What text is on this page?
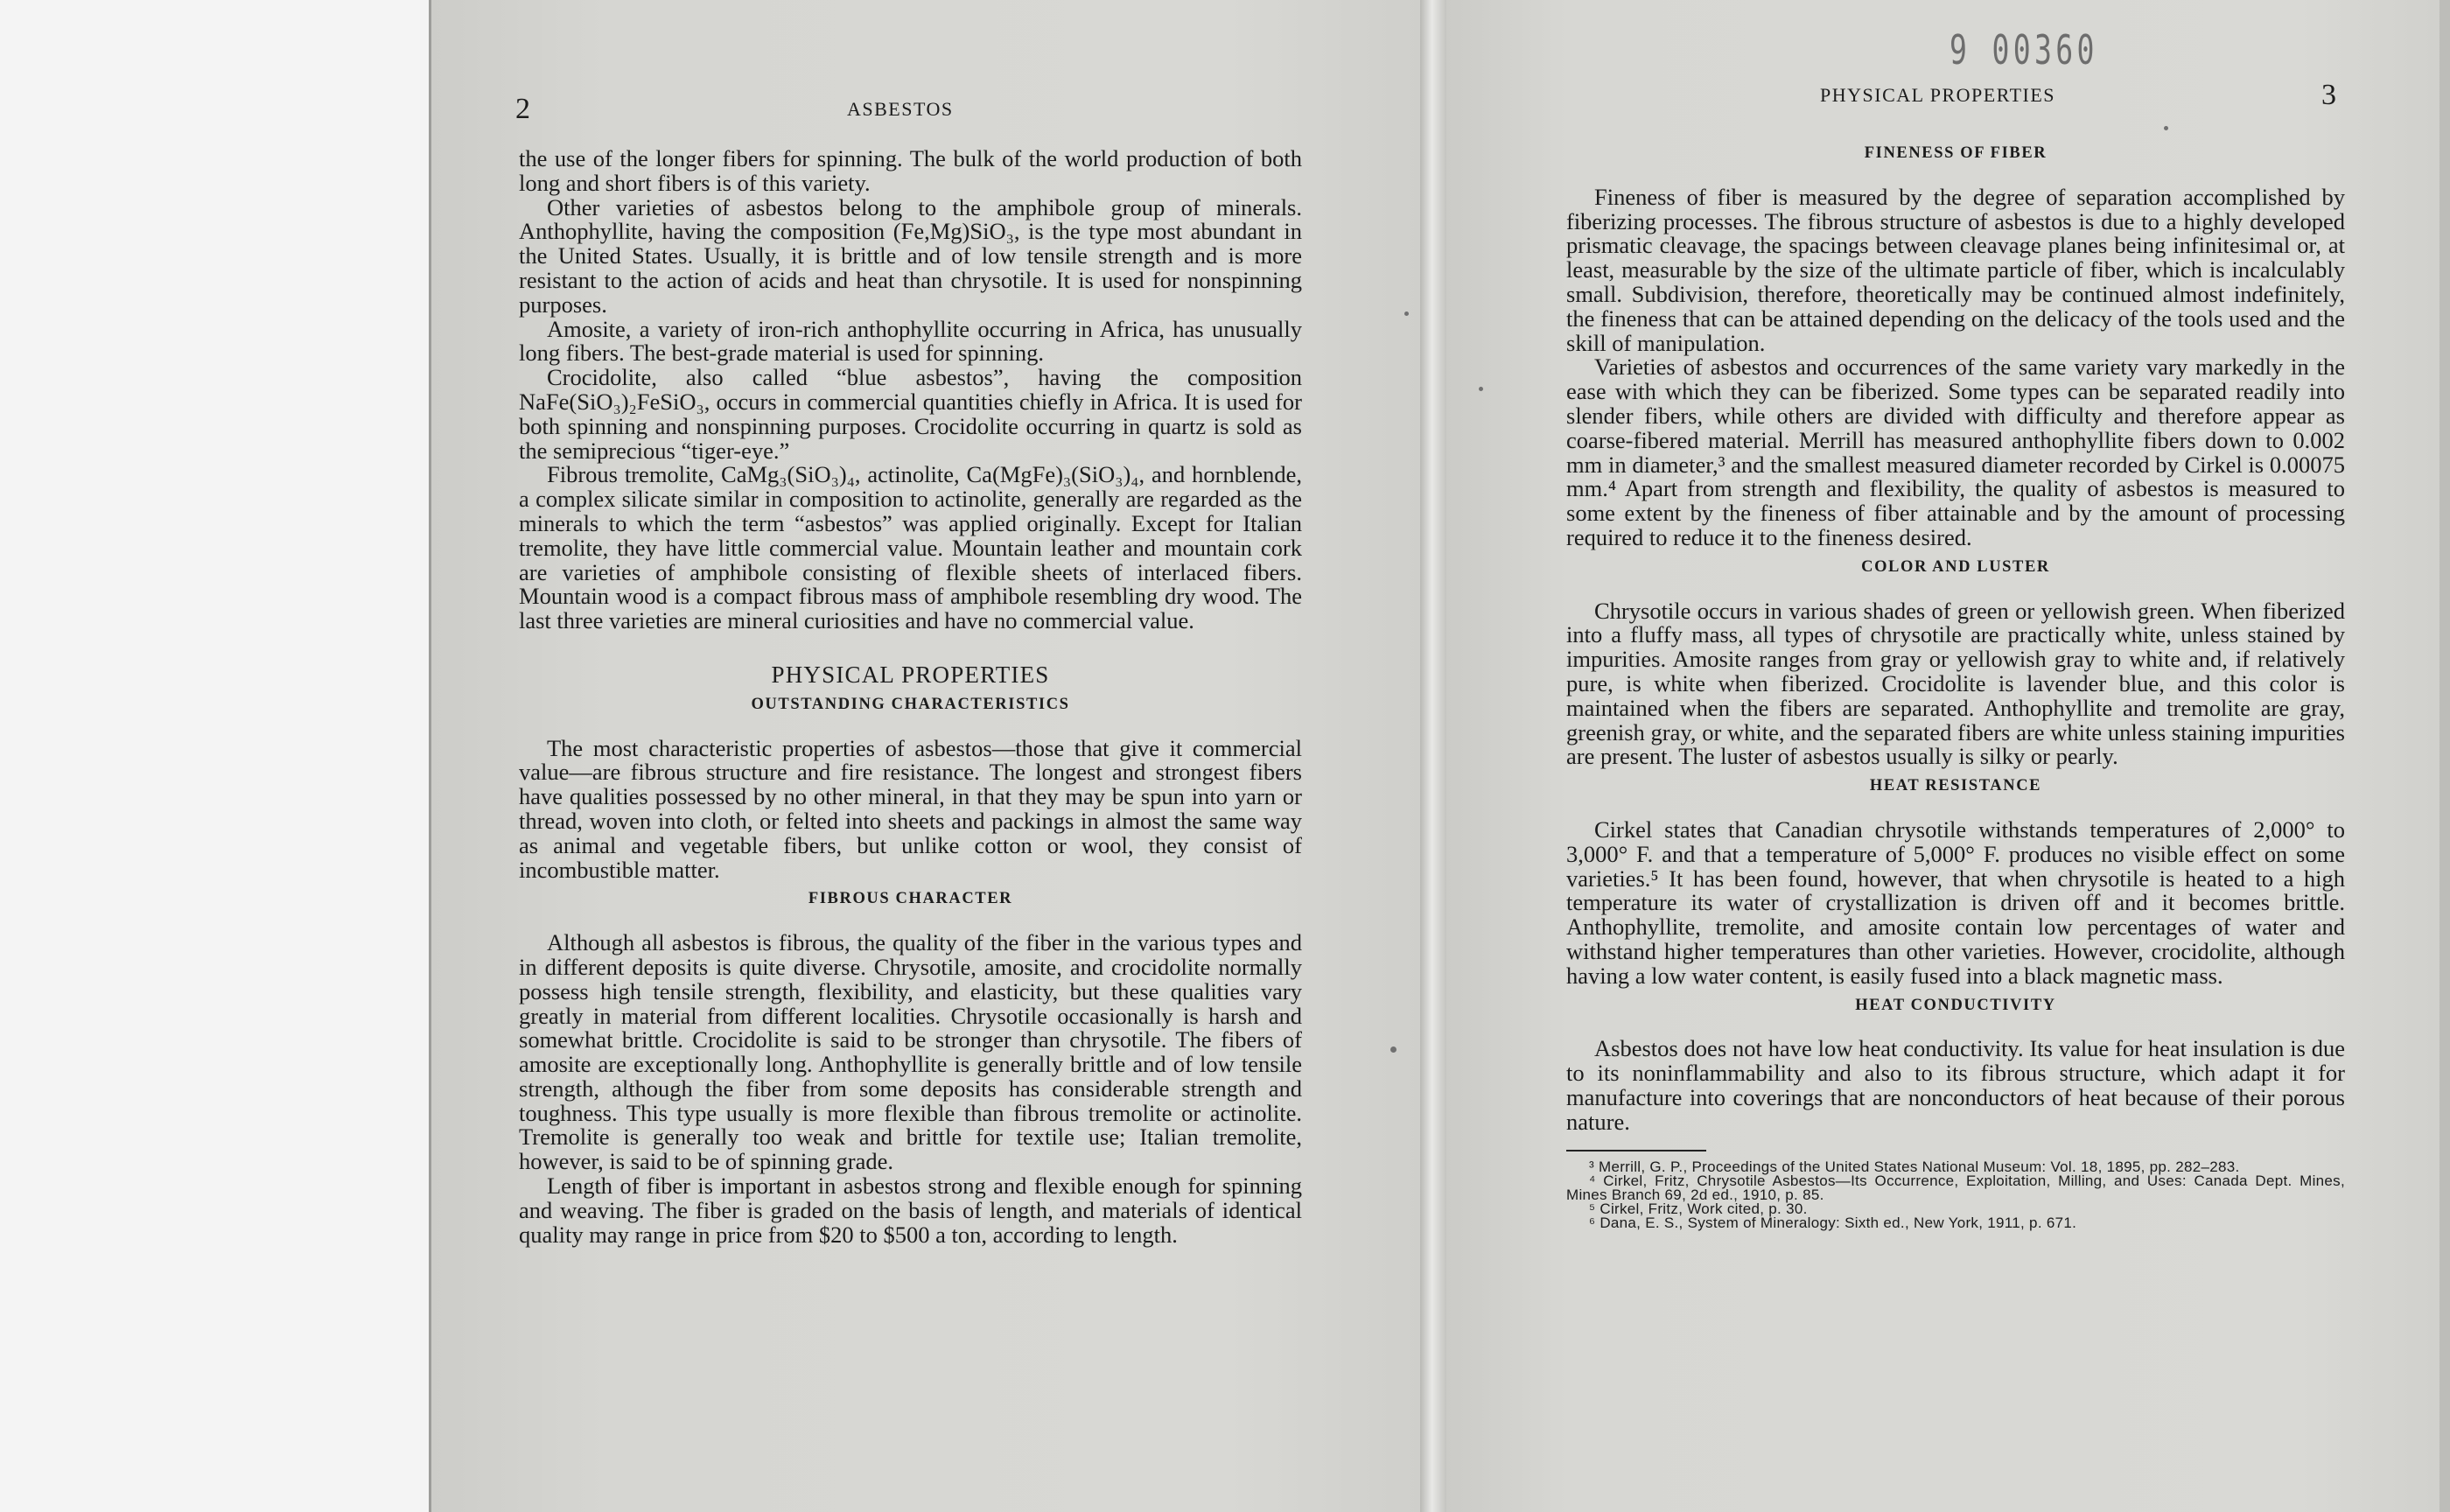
2	ASBESTOS

the use of the longer fibers for spinning. The bulk of the world production of both long and short fibers is of this variety.

Other varieties of asbestos belong to the amphibole group of minerals. Anthophyllite, having the composition (Fe,Mg)SiO₃, is the type most abundant in the United States. Usually, it is brittle and of low tensile strength and is more resistant to the action of acids and heat than chrysotile. It is used for nonspinning purposes.

Amosite, a variety of iron-rich anthophyllite occurring in Africa, has unusually long fibers. The best-grade material is used for spinning.

Crocidolite, also called “blue asbestos”, having the composition NaFe(SiO₃)₂FeSiO₃, occurs in commercial quantities chiefly in Africa. It is used for both spinning and nonspinning purposes. Crocidolite occurring in quartz is sold as the semiprecious “tiger-eye.”

Fibrous tremolite, CaMg₃(SiO₃)₄, actinolite, Ca(MgFe)₃(SiO₃)₄, and hornblende, a complex silicate similar in composition to actinolite, generally are regarded as the minerals to which the term “asbestos” was applied originally. Except for Italian tremolite, they have little commercial value. Mountain leather and mountain cork are varieties of amphibole consisting of flexible sheets of interlaced fibers. Mountain wood is a compact fibrous mass of amphibole resembling dry wood. The last three varieties are mineral curiosities and have no commercial value.

PHYSICAL PROPERTIES
OUTSTANDING CHARACTERISTICS

The most characteristic properties of asbestos—those that give it commercial value—are fibrous structure and fire resistance. The longest and strongest fibers have qualities possessed by no other mineral, in that they may be spun into yarn or thread, woven into cloth, or felted into sheets and packings in almost the same way as animal and vegetable fibers, but unlike cotton or wool, they consist of incombustible matter.

FIBROUS CHARACTER

Although all asbestos is fibrous, the quality of the fiber in the various types and in different deposits is quite diverse. Chrysotile, amosite, and crocidolite normally possess high tensile strength, flexibility, and elasticity, but these qualities vary greatly in material from different localities. Chrysotile occasionally is harsh and somewhat brittle. Crocidolite is said to be stronger than chrysotile. The fibers of amosite are exceptionally long. Anthophyllite is generally brittle and of low tensile strength, although the fiber from some deposits has considerable strength and toughness. This type usually is more flexible than fibrous tremolite or actinolite. Tremolite is generally too weak and brittle for textile use; Italian tremolite, however, is said to be of spinning grade.

Length of fiber is important in asbestos strong and flexible enough for spinning and weaving. The fiber is graded on the basis of length, and materials of identical quality may range in price from $20 to $500 a ton, according to length.

PHYSICAL PROPERTIES	3
FINENESS OF FIBER

Fineness of fiber is measured by the degree of separation accomplished by fiberizing processes. The fibrous structure of asbestos is due to a highly developed prismatic cleavage, the spacings between cleavage planes being infinitesimal or, at least, measurable by the size of the ultimate particle of fiber, which is incalculably small. Subdivision, therefore, theoretically may be continued almost indefinitely, the fineness that can be attained depending on the delicacy of the tools used and the skill of manipulation.

Varieties of asbestos and occurrences of the same variety vary markedly in the ease with which they can be fiberized. Some types can be separated readily into slender fibers, while others are divided with difficulty and therefore appear as coarse-fibered material. Merrill has measured anthophyllite fibers down to 0.002 mm in diameter,³ and the smallest measured diameter recorded by Cirkel is 0.00075 mm.⁴ Apart from strength and flexibility, the quality of asbestos is measured to some extent by the fineness of fiber attainable and by the amount of processing required to reduce it to the fineness desired.

COLOR AND LUSTER

Chrysotile occurs in various shades of green or yellowish green. When fiberized into a fluffy mass, all types of chrysotile are practically white, unless stained by impurities. Amosite ranges from gray or yellowish gray to white and, if relatively pure, is white when fiberized. Crocidolite is lavender blue, and this color is maintained when the fibers are separated. Anthophyllite and tremolite are gray, greenish gray, or white, and the separated fibers are white unless staining impurities are present. The luster of asbestos usually is silky or pearly.

HEAT RESISTANCE

Cirkel states that Canadian chrysotile withstands temperatures of 2,000° to 3,000° F. and that a temperature of 5,000° F. produces no visible effect on some varieties.⁵ It has been found, however, that when chrysotile is heated to a high temperature its water of crystallization is driven off and it becomes brittle. Anthophyllite, tremolite, and amosite contain low percentages of water and withstand higher temperatures than other varieties. However, crocidolite, although having a low water content, is easily fused into a black magnetic mass.

HEAT CONDUCTIVITY

Asbestos does not have low heat conductivity. Its value for heat insulation is due to its noninflammability and also to its fibrous structure, which adapt it for manufacture into coverings that are nonconductors of heat because of their porous nature.

³ Merrill, G. P., Proceedings of the United States National Museum: Vol. 18, 1895, pp. 282–283.

⁴ Cirkel, Fritz, Chrysotile Asbestos—Its Occurrence, Exploitation, Milling, and Uses: Canada Dept. Mines, Mines Branch 69, 2d ed., 1910, p. 85.

⁵ Cirkel, Fritz, Work cited, p. 30.

⁶ Dana, E. S., System of Mineralogy: Sixth ed., New York, 1911, p. 671.

9 00360
